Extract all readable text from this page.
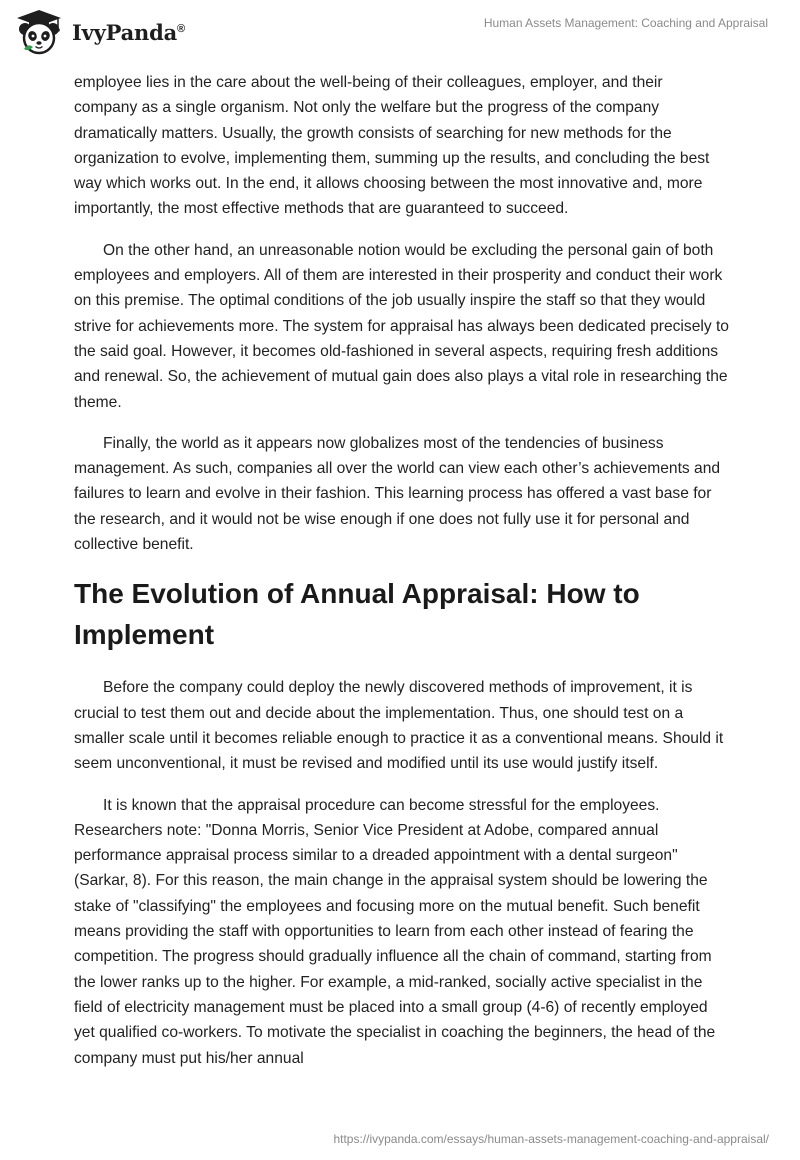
IvyPanda®	Human Assets Management: Coaching and Appraisal

employee lies in the care about the well-being of their colleagues, employer, and their company as a single organism. Not only the welfare but the progress of the company dramatically matters. Usually, the growth consists of searching for new methods for the organization to evolve, implementing them, summing up the results, and concluding the best way which works out. In the end, it allows choosing between the most innovative and, more importantly, the most effective methods that are guaranteed to succeed.

On the other hand, an unreasonable notion would be excluding the personal gain of both employees and employers. All of them are interested in their prosperity and conduct their work on this premise. The optimal conditions of the job usually inspire the staff so that they would strive for achievements more. The system for appraisal has always been dedicated precisely to the said goal. However, it becomes old-fashioned in several aspects, requiring fresh additions and renewal. So, the achievement of mutual gain does also plays a vital role in researching the theme.

Finally, the world as it appears now globalizes most of the tendencies of business management. As such, companies all over the world can view each other’s achievements and failures to learn and evolve in their fashion. This learning process has offered a vast base for the research, and it would not be wise enough if one does not fully use it for personal and collective benefit.

The Evolution of Annual Appraisal: How to Implement

Before the company could deploy the newly discovered methods of improvement, it is crucial to test them out and decide about the implementation. Thus, one should test on a smaller scale until it becomes reliable enough to practice it as a conventional means. Should it seem unconventional, it must be revised and modified until its use would justify itself.

It is known that the appraisal procedure can become stressful for the employees. Researchers note: "Donna Morris, Senior Vice President at Adobe, compared annual performance appraisal process similar to a dreaded appointment with a dental surgeon" (Sarkar, 8). For this reason, the main change in the appraisal system should be lowering the stake of "classifying" the employees and focusing more on the mutual benefit. Such benefit means providing the staff with opportunities to learn from each other instead of fearing the competition. The progress should gradually influence all the chain of command, starting from the lower ranks up to the higher. For example, a mid-ranked, socially active specialist in the field of electricity management must be placed into a small group (4-6) of recently employed yet qualified co-workers. To motivate the specialist in coaching the beginners, the head of the company must put his/her annual

https://ivypanda.com/essays/human-assets-management-coaching-and-appraisal/
